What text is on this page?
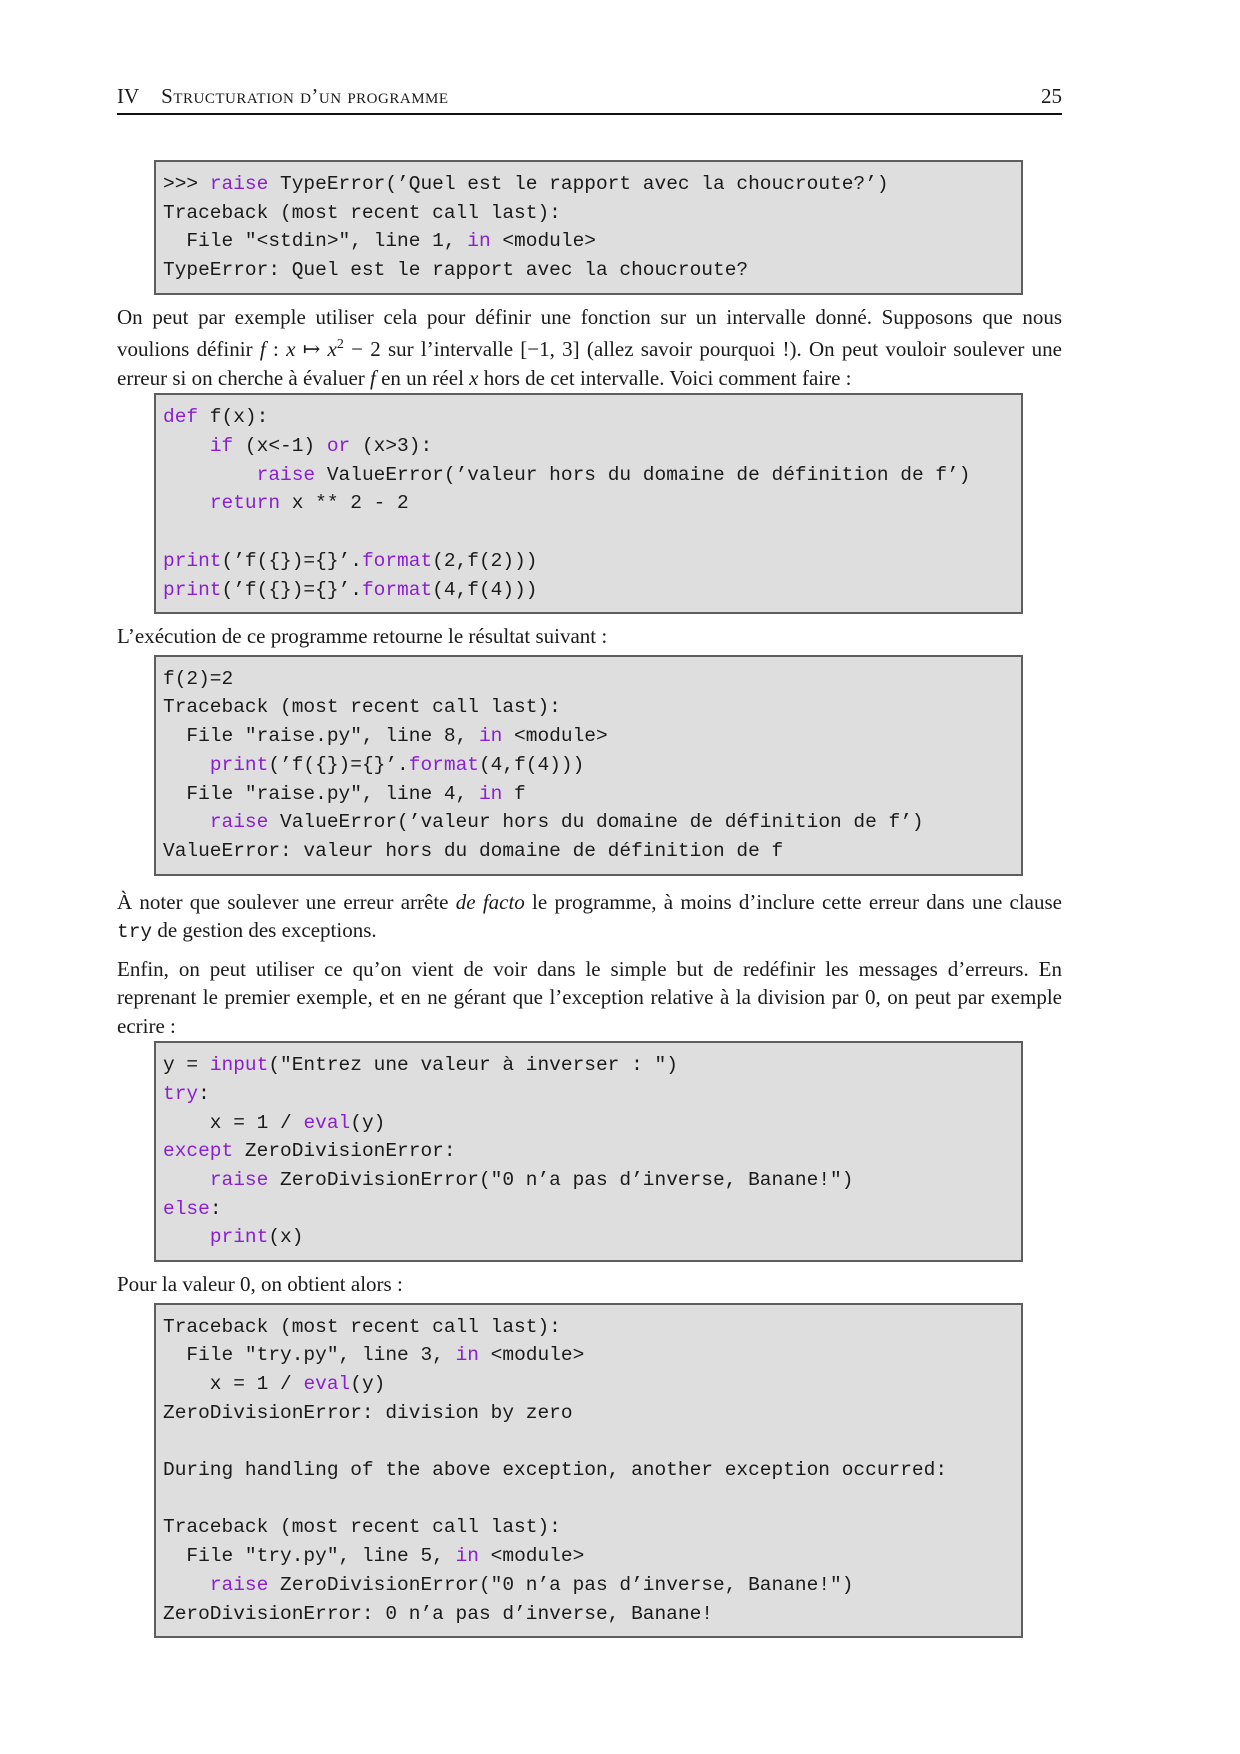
IV Structuration d’un programme	25
>>> raise TypeError(’Quel est le rapport avec la choucroute?’)
Traceback (most recent call last):
File "<stdin>", line 1, in <module>
TypeError: Quel est le rapport avec la choucroute?

On peut par exemple utiliser cela pour définir une fonction sur un intervalle donné. Supposons que nous voulions définir f : x ↦ $x^2 - 2$ sur l’intervalle [−1, 3] (allez savoir pourquoi !). On peut vouloir soulever une erreur si on cherche à évaluer f en un réel x hors de cet intervalle. Voici comment faire :

def f(x):
if (x<-1) or (x>3):
raise ValueError(’valeur hors du domaine de définition de f’)
return x ** 2 - 2
print(’f({})={}’.format(2,f(2)))
print(’f({})={}’.format(4,f(4)))

L’exécution de ce programme retourne le résultat suivant :

f(2)=2
Traceback (most recent call last):
File "raise.py", line 8, in <module>
print(’f({})={}’.format(4,f(4)))
File "raise.py", line 4, in f
raise ValueError(’valeur hors du domaine de définition de f’)
ValueError: valeur hors du domaine de définition de f

À noter que soulever une erreur arrête de facto le programme, à moins d’inclure cette erreur dans une clause try de gestion des exceptions.

Enfin, on peut utiliser ce qu’on vient de voir dans le simple but de redéfinir les messages d’erreurs. En reprenant le premier exemple, et en ne gérant que l’exception relative à la division par 0, on peut par exemple ecrire :

y = input("Entrez une valeur à inverser : ")
try:
x = 1 / eval(y)
except ZeroDivisionError:
raise ZeroDivisionError("0 n’a pas d’inverse, Banane!")
else:
print(x)

Pour la valeur 0, on obtient alors :

Traceback (most recent call last):
File "try.py", line 3, in <module>
x = 1 / eval(y)
ZeroDivisionError: division by zero
During handling of the above exception, another exception occurred:
Traceback (most recent call last):
File "try.py", line 5, in <module>
raise ZeroDivisionError("0 n’a pas d’inverse, Banane!")
ZeroDivisionError: 0 n’a pas d’inverse, Banane!
